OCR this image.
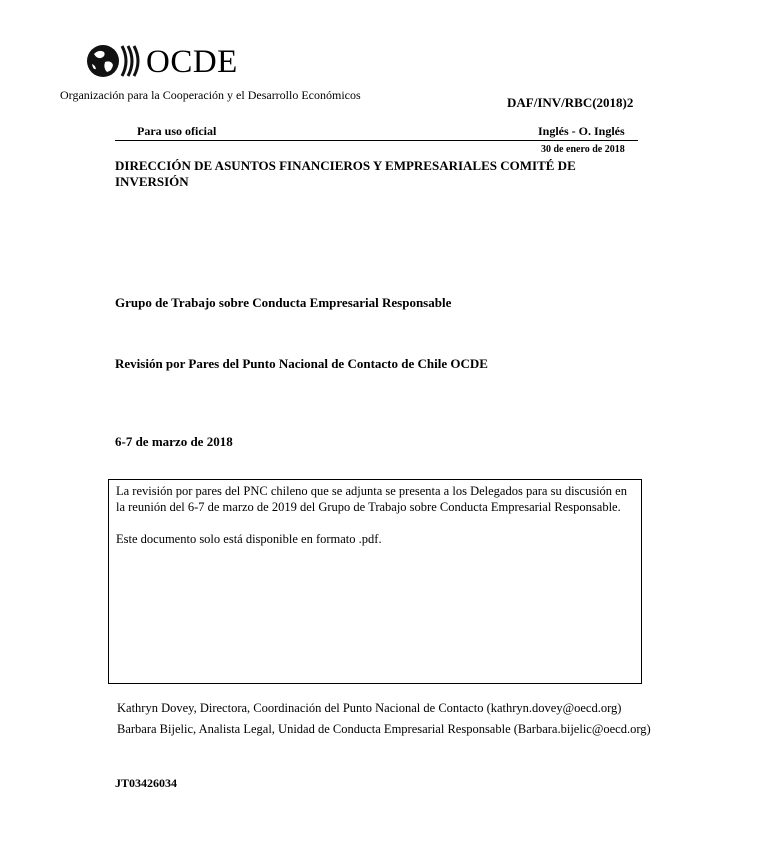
OCDE
Organización para la Cooperación y el Desarrollo Económicos	DAF/INV/RBC(2018)2
Para uso oficial	Inglés - O. Inglés
30 de enero de 2018
DIRECCIÓN DE ASUNTOS FINANCIEROS Y EMPRESARIALES COMITÉ DE INVERSIÓN
Grupo de Trabajo sobre Conducta Empresarial Responsable
Revisión por Pares del Punto Nacional de Contacto de Chile OCDE
6-7 de marzo de 2018

La revisión por pares del PNC chileno que se adjunta se presenta a los Delegados para su discusión en la reunión del 6-7 de marzo de 2019 del Grupo de Trabajo sobre Conducta Empresarial Responsable.

Este documento solo está disponible en formato .pdf.

Kathryn Dovey, Directora, Coordinación del Punto Nacional de Contacto (kathryn.dovey@oecd.org)
Barbara Bijelic, Analista Legal, Unidad de Conducta Empresarial Responsable (Barbara.bijelic@oecd.org)
JT03426034
